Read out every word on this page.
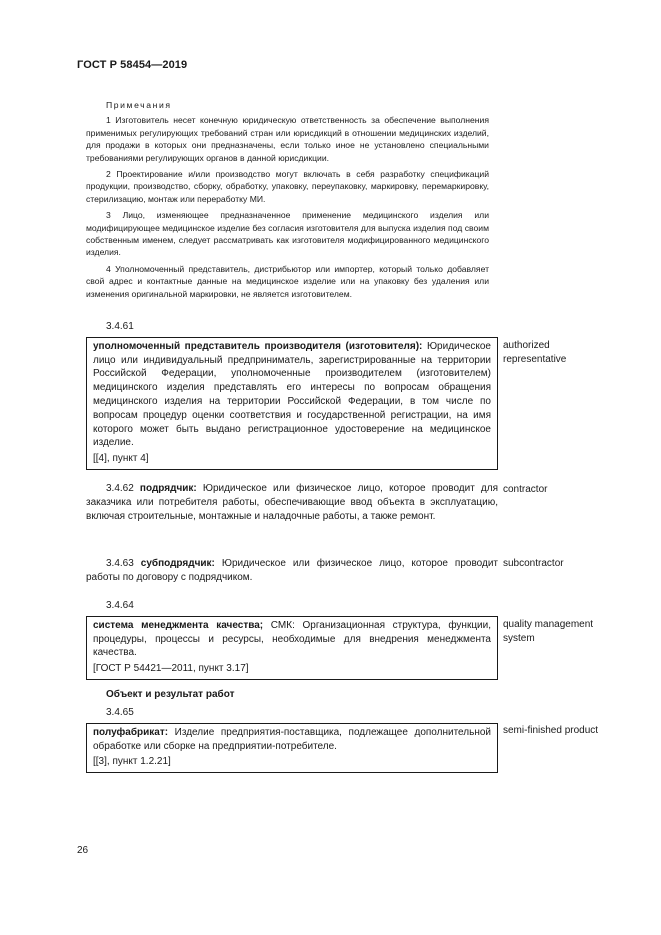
ГОСТ Р 58454—2019
Примечания

1 Изготовитель несет конечную юридическую ответственность за обеспечение выполнения применимых регулирующих требований стран или юрисдикций в отношении медицинских изделий, для продажи в которых они предназначены, если только иное не установлено специальными требованиями регулирующих органов в данной юрисдикции.

2 Проектирование и/или производство могут включать в себя разработку спецификаций продукции, производство, сборку, обработку, упаковку, переупаковку, маркировку, перемаркировку, стерилизацию, монтаж или переработку МИ.

3 Лицо, изменяющее предназначенное применение медицинского изделия или модифицирующее медицинское изделие без согласия изготовителя для выпуска изделия под своим собственным именем, следует рассматривать как изготовителя модифицированного медицинского изделия.

4 Уполномоченный представитель, дистрибьютор или импортер, который только добавляет свой адрес и контактные данные на медицинское изделие или на упаковку без удаления или изменения оригинальной маркировки, не является изготовителем.

3.4.61
уполномоченный представитель производителя (изготовителя): Юридическое лицо или индивидуальный предприниматель, зарегистрированные на территории Российской Федерации, уполномоченные производителем (изготовителем) медицинского изделия представлять его интересы по вопросам обращения медицинского изделия на территории Российской Федерации, в том числе по вопросам процедур оценки соответствия и государственной регистрации, на имя которого может быть выдано регистрационное удостоверение на медицинское изделие.
[[4], пункт 4]
authorized representative
3.4.62 подрядчик: Юридическое или физическое лицо, которое проводит для заказчика или потребителя работы, обеспечивающие ввод объекта в эксплуатацию, включая строительные, монтажные и наладочные работы, а также ремонт.
contractor
3.4.63 субподрядчик: Юридическое или физическое лицо, которое проводит работы по договору с подрядчиком.
subcontractor
3.4.64
система менеджмента качества; СМК: Организационная структура, функции, процедуры, процессы и ресурсы, необходимые для внедрения менеджмента качества.
[ГОСТ Р 54421—2011, пункт 3.17]
quality management system
Объект и результат работ
3.4.65
полуфабрикат: Изделие предприятия-поставщика, подлежащее дополнительной обработке или сборке на предприятии-потребителе.
[[3], пункт 1.2.21]
semi-finished product
26
